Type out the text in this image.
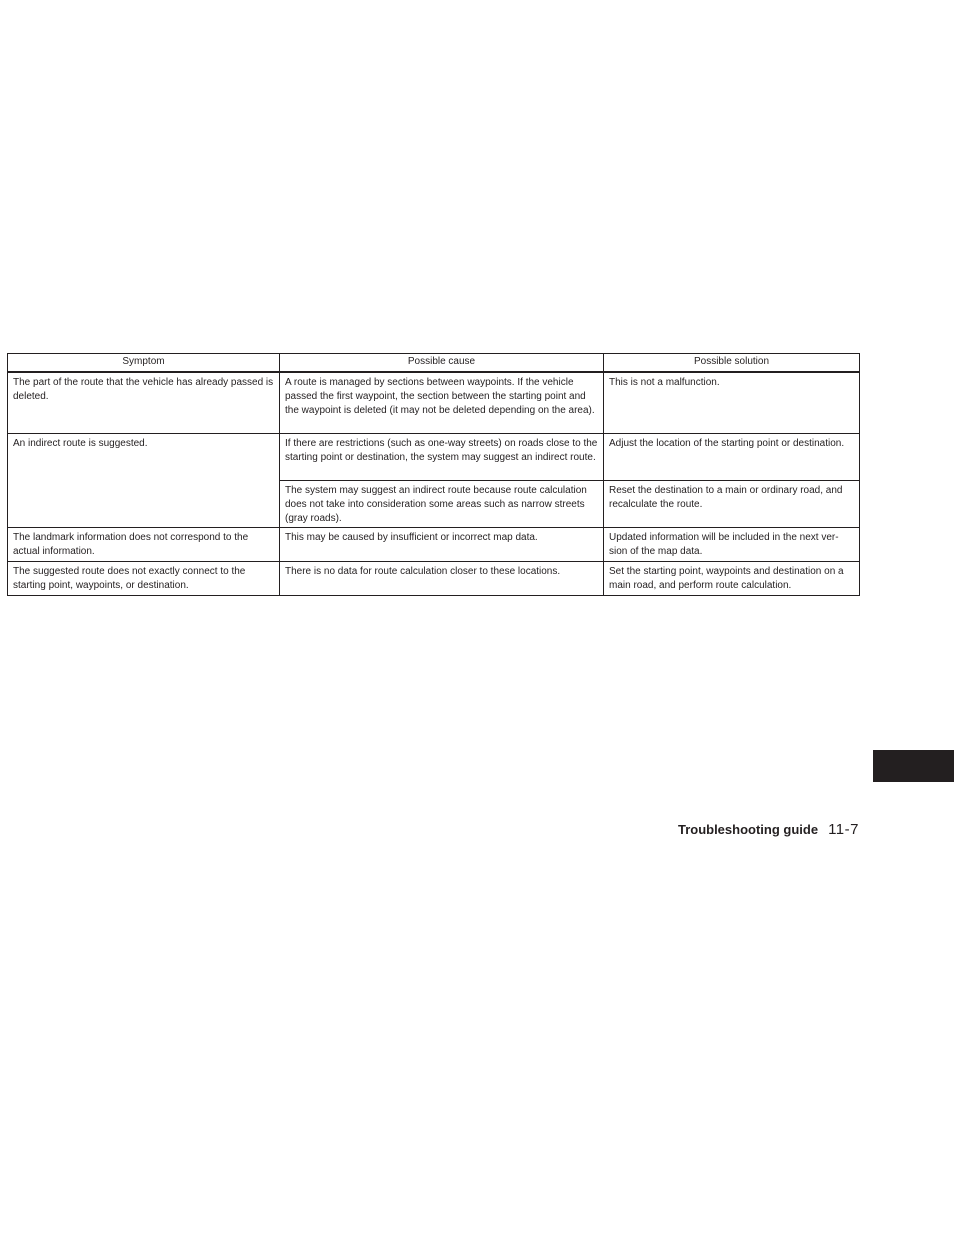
Symptom	Possible cause	Possible solution
The part of the route that the vehicle has already passed is deleted.	A route is managed by sections between waypoints. If the vehicle passed the first waypoint, the section between the starting point and the waypoint is deleted (it may not be deleted depending on the area).	This is not a malfunction.
An indirect route is suggested.	If there are restrictions (such as one-way streets) on roads close to the starting point or destination, the system may suggest an indirect route.	Adjust the location of the starting point or destination.
	The system may suggest an indirect route because route calculation does not take into consideration some areas such as narrow streets (gray roads).	Reset the destination to a main or ordinary road, and recalculate the route.
The landmark information does not correspond to the actual information.	This may be caused by insufficient or incorrect map data.	Updated information will be included in the next ver-sion of the map data.
The suggested route does not exactly connect to the starting point, waypoints, or destination.	There is no data for route calculation closer to these locations.	Set the starting point, waypoints and destination on a main road, and perform route calculation.
Troubleshooting guide 11-7
